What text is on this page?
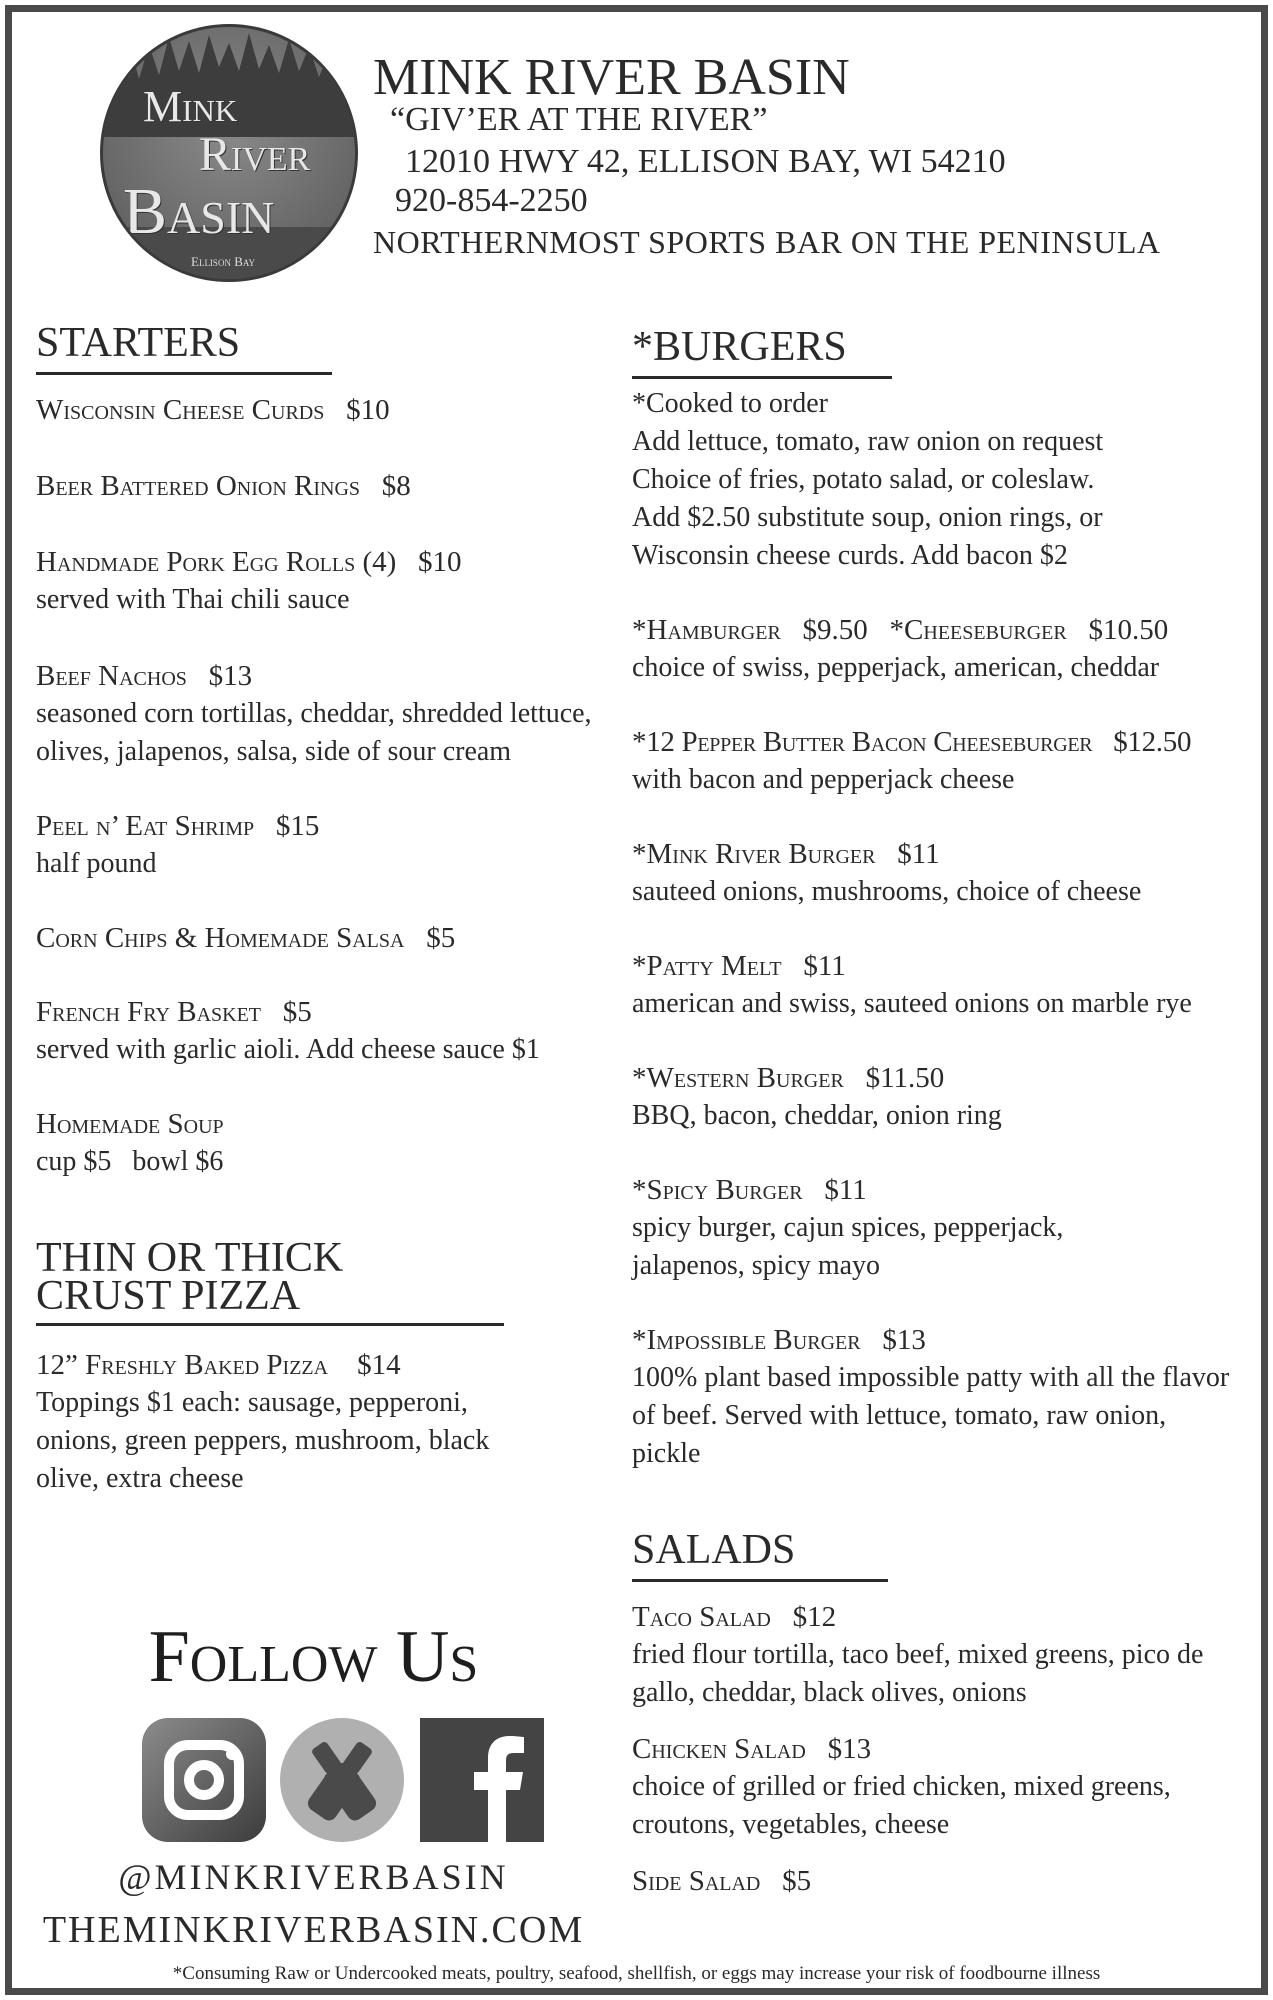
Mink
River
Basin
Ellison Bay
MINK RIVER BASIN
“GIV’ER AT THE RIVER”
12010 HWY 42, ELLISON BAY, WI 54210
920-854-2250
NORTHERNMOST SPORTS BAR ON THE PENINSULA
STARTERS
Wisconsin Cheese Curds $10
Beer Battered Onion Rings $8
Handmade Pork Egg Rolls (4) $10
served with Thai chili sauce
Beef Nachos $13
seasoned corn tortillas, cheddar, shredded lettuce, olives, jalapenos, salsa, side of sour cream
Peel n’ Eat Shrimp $15
half pound
Corn Chips & Homemade Salsa $5
French Fry Basket $5
served with garlic aioli. Add cheese sauce $1
Homemade Soup
cup $5   bowl $6
THIN OR THICK
CRUST PIZZA
12” Freshly Baked Pizza $14
Toppings $1 each: sausage, pepperoni, onions, green peppers, mushroom, black olive, extra cheese
*BURGERS
*Cooked to order
Add lettuce, tomato, raw onion on request
Choice of fries, potato salad, or coleslaw.
Add $2.50 substitute soup, onion rings, or
Wisconsin cheese curds. Add bacon $2
*Hamburger $9.50 *Cheeseburger $10.50
choice of swiss, pepperjack, american, cheddar
*12 Pepper Butter Bacon Cheeseburger $12.50
with bacon and pepperjack cheese
*Mink River Burger $11
sauteed onions, mushrooms, choice of cheese
*Patty Melt $11
american and swiss, sauteed onions on marble rye
*Western Burger $11.50
BBQ, bacon, cheddar, onion ring
*Spicy Burger $11
spicy burger, cajun spices, pepperjack, jalapenos, spicy mayo
*Impossible Burger $13
100% plant based impossible patty with all the flavor of beef. Served with lettuce, tomato, raw onion, pickle
SALADS
Taco Salad $12
fried flour tortilla, taco beef, mixed greens, pico de gallo, cheddar, black olives, onions
Chicken Salad $13
choice of grilled or fried chicken, mixed greens, croutons, vegetables, cheese
Side Salad $5
Follow Us
@MINKRIVERBASIN
THEMINKRIVERBASIN.COM
*Consuming Raw or Undercooked meats, poultry, seafood, shellfish, or eggs may increase your risk of foodbourne illness
